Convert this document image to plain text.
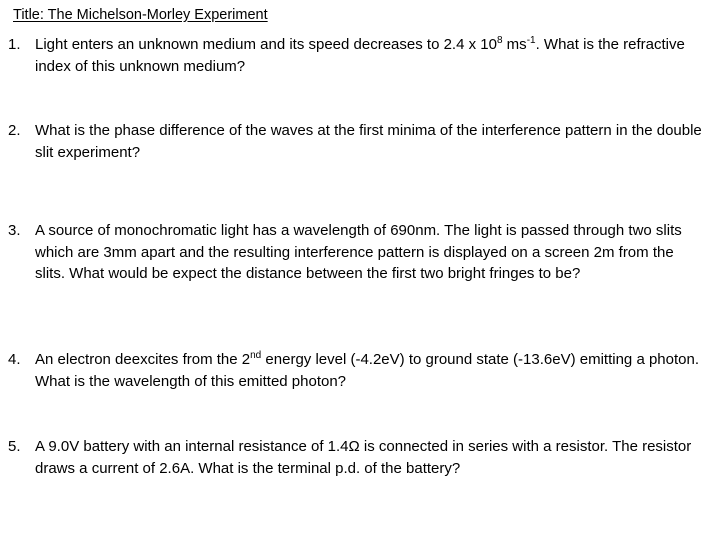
Title: The Michelson-Morley Experiment
1. Light enters an unknown medium and its speed decreases to 2.4 x $10^8$ $ms^{-1}$. What is the refractive index of this unknown medium?
2. What is the phase difference of the waves at the first minima of the interference pattern in the double slit experiment?
3. A source of monochromatic light has a wavelength of 690nm. The light is passed through two slits which are 3mm apart and the resulting interference pattern is displayed on a screen 2m from the slits. What would be expect the distance between the first two bright fringes to be?
4. An electron deexcites from the 2nd energy level (-4.2eV) to ground state (-13.6eV) emitting a photon. What is the wavelength of this emitted photon?
5. A 9.0V battery with an internal resistance of 1.4Ω is connected in series with a resistor. The resistor draws a current of 2.6A. What is the terminal p.d. of the battery?
